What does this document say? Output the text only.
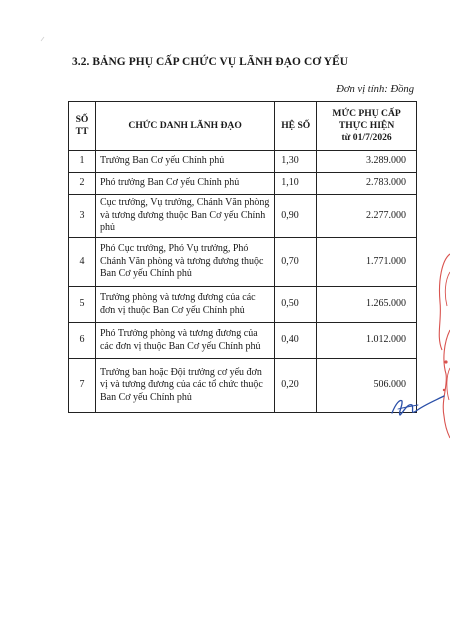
3.2. BẢNG PHỤ CẤP CHỨC VỤ LÃNH ĐẠO CƠ YẾU
Đơn vị tính: Đồng
SỐ
TT	CHỨC DANH LÃNH ĐẠO	HỆ SỐ	MỨC PHỤ CẤP
THỰC HIỆN
từ 01/7/2026
1	Trưởng Ban Cơ yếu Chính phủ	1,30	3.289.000
2	Phó trưởng Ban Cơ yếu Chính phủ	1,10	2.783.000
3	Cục trưởng, Vụ trưởng, Chánh Văn phòng và tương đương thuộc Ban Cơ yếu Chính phủ	0,90	2.277.000
4	Phó Cục trưởng, Phó Vụ trưởng, Phó Chánh Văn phòng và tương đương thuộc Ban Cơ yếu Chính phủ	0,70	1.771.000
5	Trưởng phòng và tương đương của các đơn vị thuộc Ban Cơ yếu Chính phủ	0,50	1.265.000
6	Phó Trưởng phòng và tương đương của các đơn vị thuộc Ban Cơ yếu Chính phủ	0,40	1.012.000
7	Trưởng ban hoặc Đội trưởng cơ yếu đơn vị và tương đương của các tổ chức thuộc Ban Cơ yếu Chính phủ	0,20	506.000
